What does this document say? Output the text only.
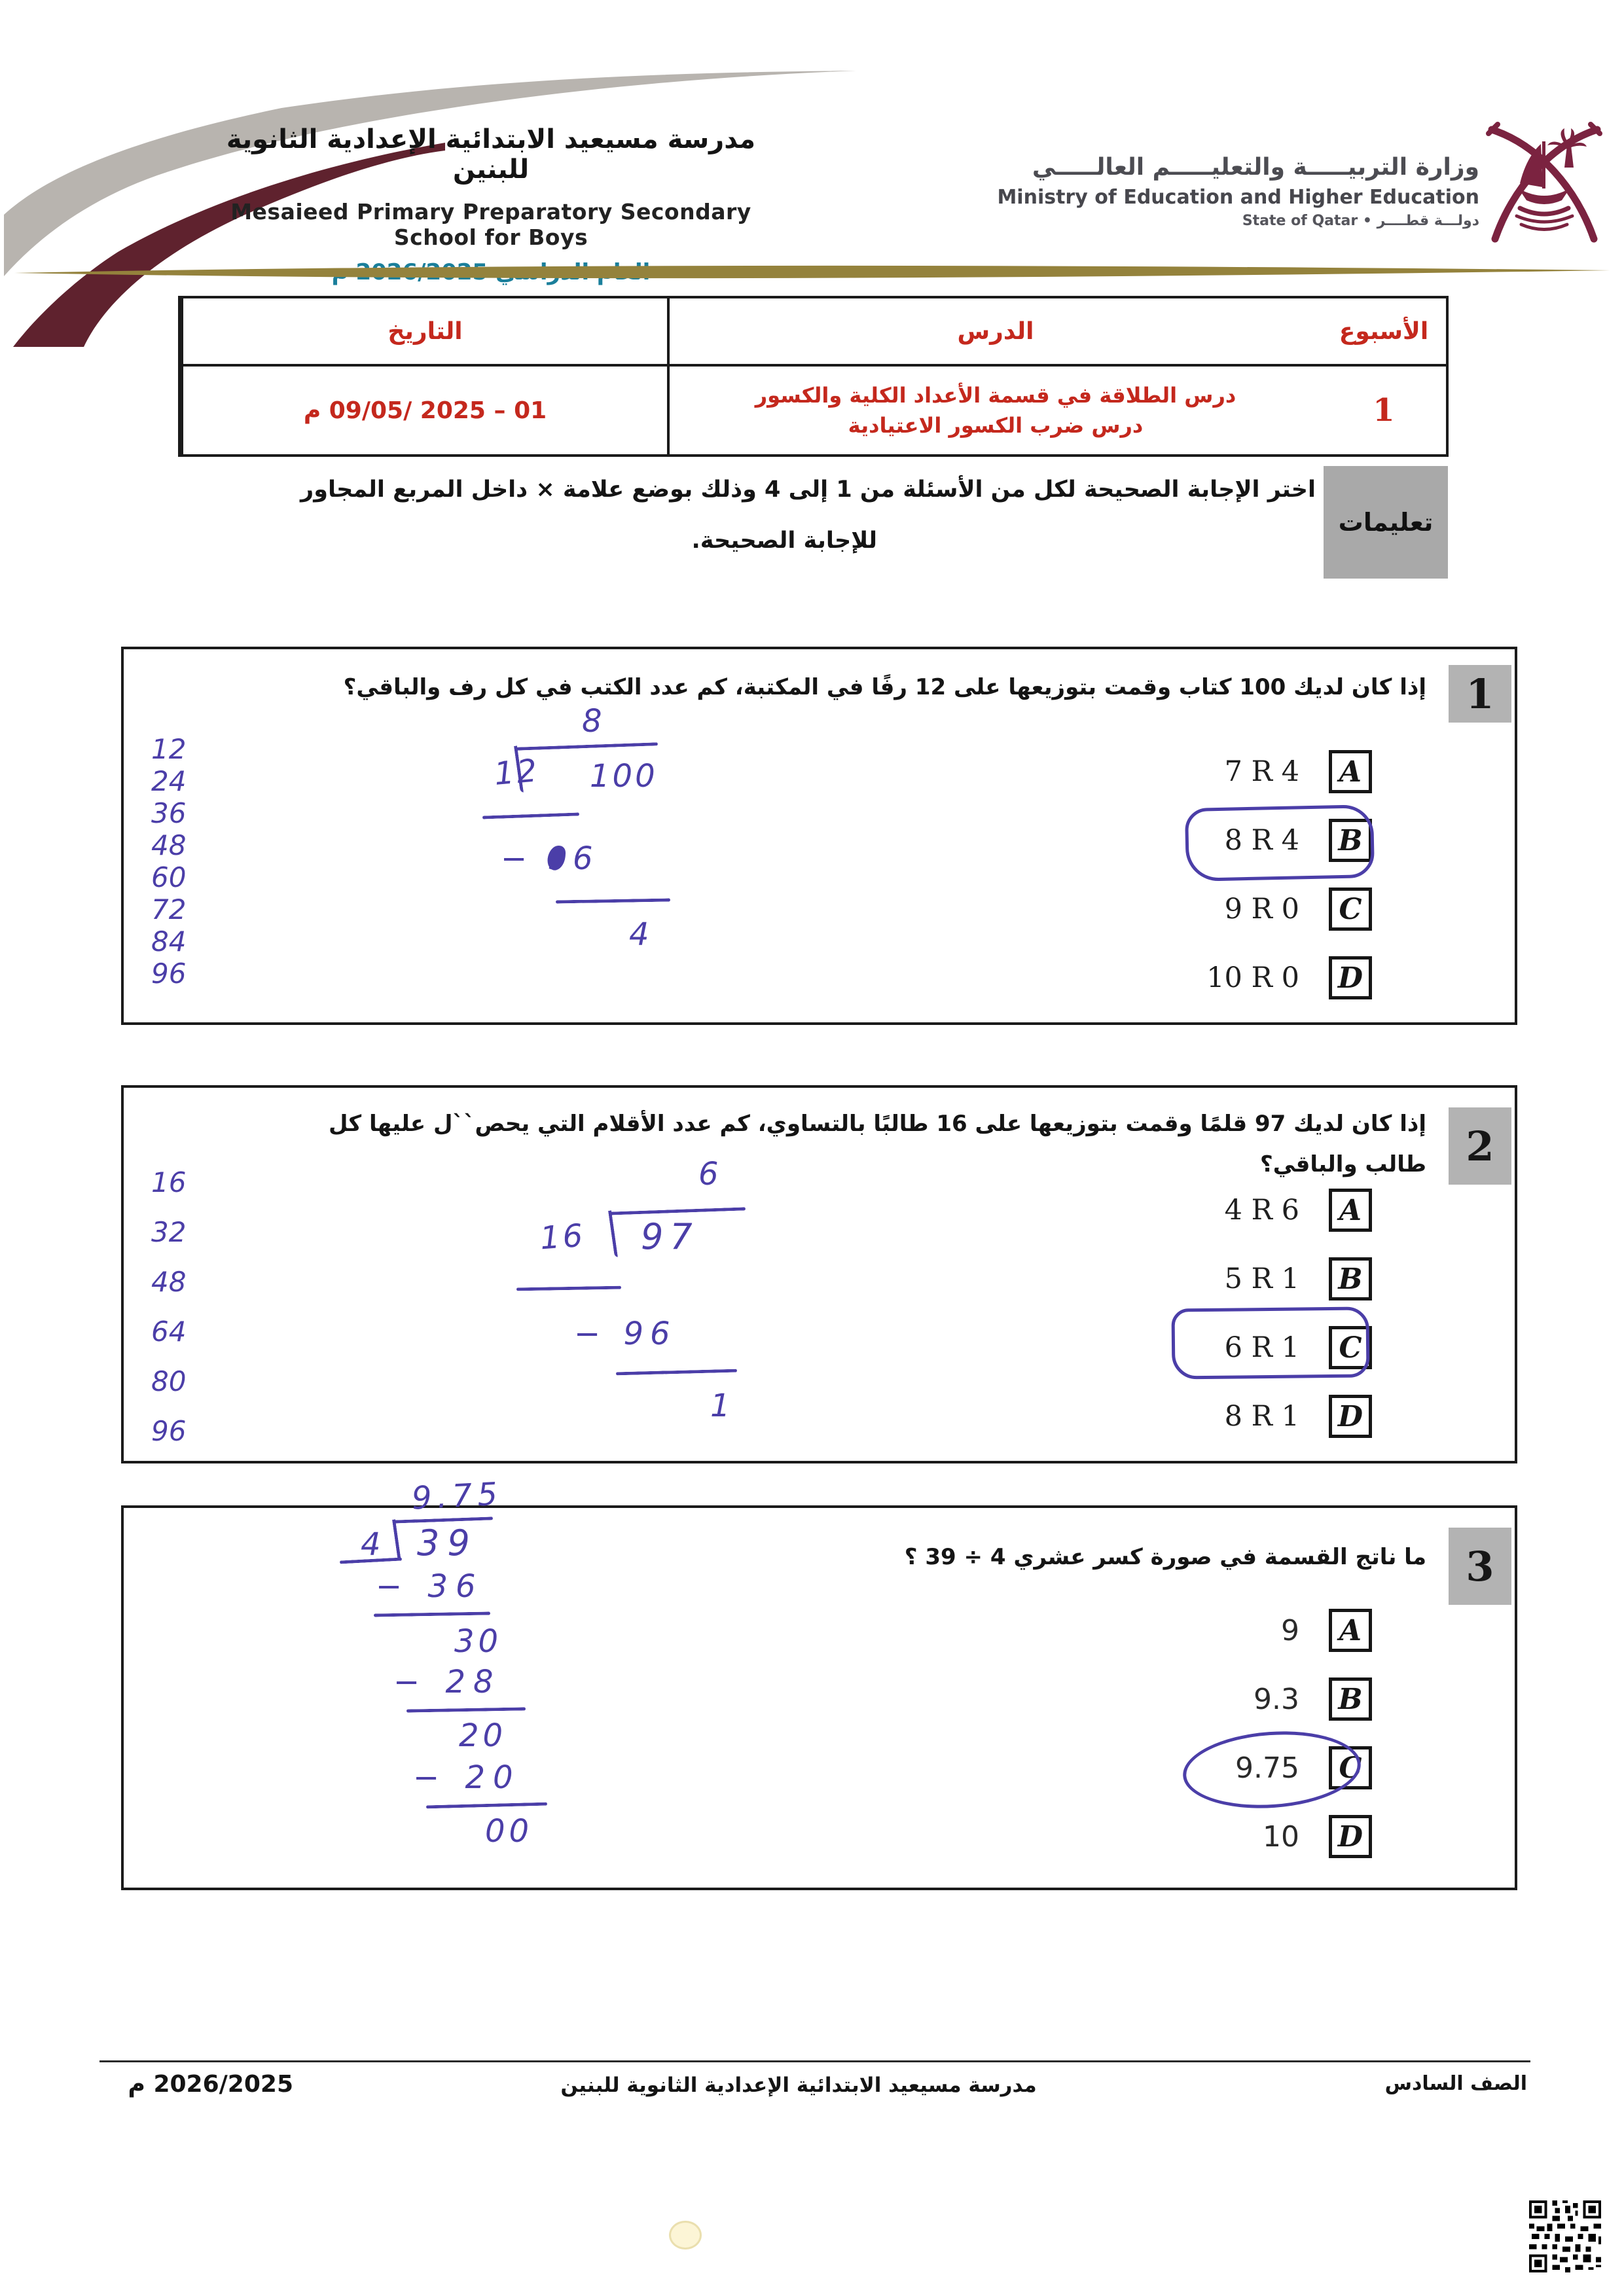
مدرسة مسيعيد الابتدائية الإعدادية الثانوية للبنين
Mesaieed Primary Preparatory Secondary
School for Boys
وزارة التربيـــــة والتعليـــــم العالـــــي
Ministry of Education and Higher Education
دولـــة قطــــر • State of Qatar
الأسبوع
الدرس
التاريخ
1
درس الطلاقة في قسمة الأعداد الكلية والكسور
درس ضرب الكسور الاعتيادية
01 – 2025 /09/05 م
تعليمات
اختر الإجابة الصحيحة لكل من الأسئلة من 1 إلى 4 وذلك بوضع علامة × داخل المربع المجاور
للإجابة الصحيحة.
1
إذا كان لديك 100 كتاب وقمت بتوزيعها على 12 رفًا في المكتبة، كم عدد الكتب في كل رف والباقي؟
7 R 4 A
8 R 4 B
9 R 0 C
10 R 0 D
12
24
36
48
60
72
84
96
8
12 100
− 96
4
2
إذا كان لديك 97 قلمًا وقمت بتوزيعها على 16 طالبًا بالتساوي، كم عدد الأقلام التي يحص``ل عليها كل
طالب والباقي؟
4 R 6 A
5 R 1 B
6 R 1 C
8 R 1 D
16
32
48
64
80
96
6
16 97
− 96
1
3
ما ناتج القسمة في صورة كسر عشري ⁦39 ÷ 4⁩ ؟
9 A
9.3 B
9.75 C
10 D
9.75
4 39
− 36
30
− 28
20
− 20
00
الصف السادس
مدرسة مسيعيد الابتدائية الإعدادية الثانوية للبنين
2026/2025 م
